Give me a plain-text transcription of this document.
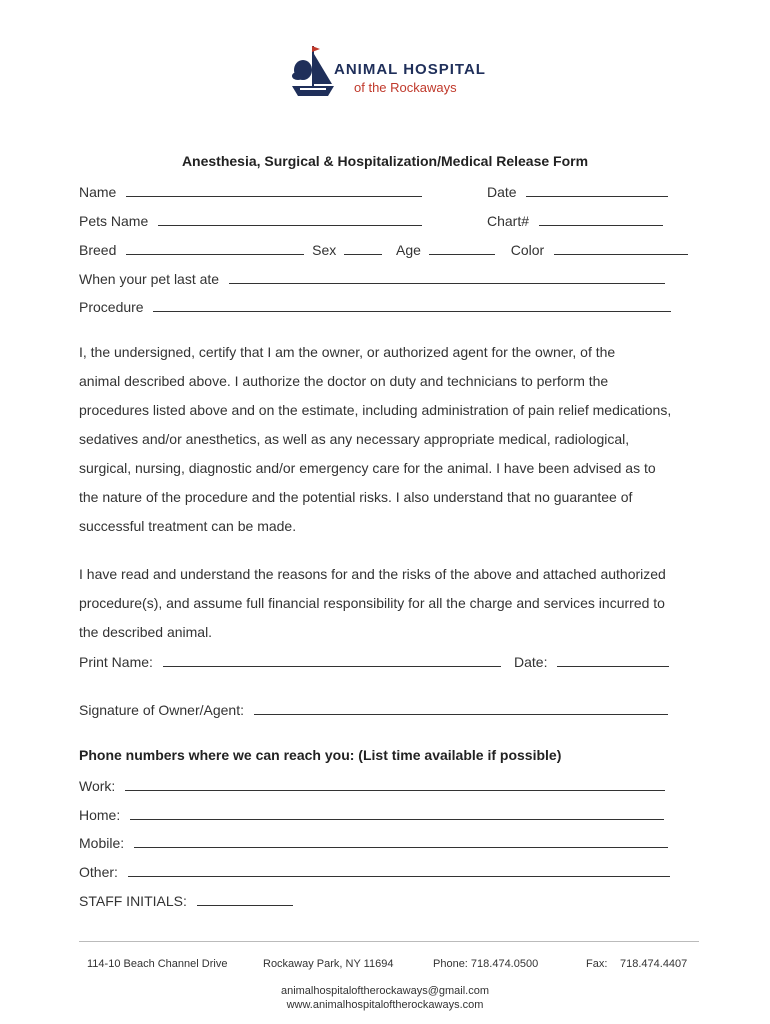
ANIMAL HOSPITAL
of the Rockaways
Anesthesia, Surgical & Hospitalization/Medical Release Form
Name	Date
Pets Name	Chart#
Breed	Sex	Age	Color
When your pet last ate
Procedure
I, the undersigned, certify that I am the owner, or authorized agent for the owner, of the
animal described above. I authorize the doctor on duty and technicians to perform the
procedures listed above and on the estimate, including administration of pain relief medications,
sedatives and/or anesthetics, as well as any necessary appropriate medical, radiological,
surgical, nursing, diagnostic and/or emergency care for the animal. I have been advised as to
the nature of the procedure and the potential risks. I also understand that no guarantee of
successful treatment can be made.
I have read and understand the reasons for and the risks of the above and attached authorized
procedure(s), and assume full financial responsibility for all the charge and services incurred to
the described animal.
Print Name:	Date:
Signature of Owner/Agent:
Phone numbers where we can reach you: (List time available if possible)
Work:
Home:
Mobile:
Other:
STAFF INITIALS:
114-10 Beach Channel Drive	Rockaway Park, NY 11694	Phone: 718.474.0500	Fax: 718.474.4407
animalhospitaloftherockaways@gmail.com
www.animalhospitaloftherockaways.com
